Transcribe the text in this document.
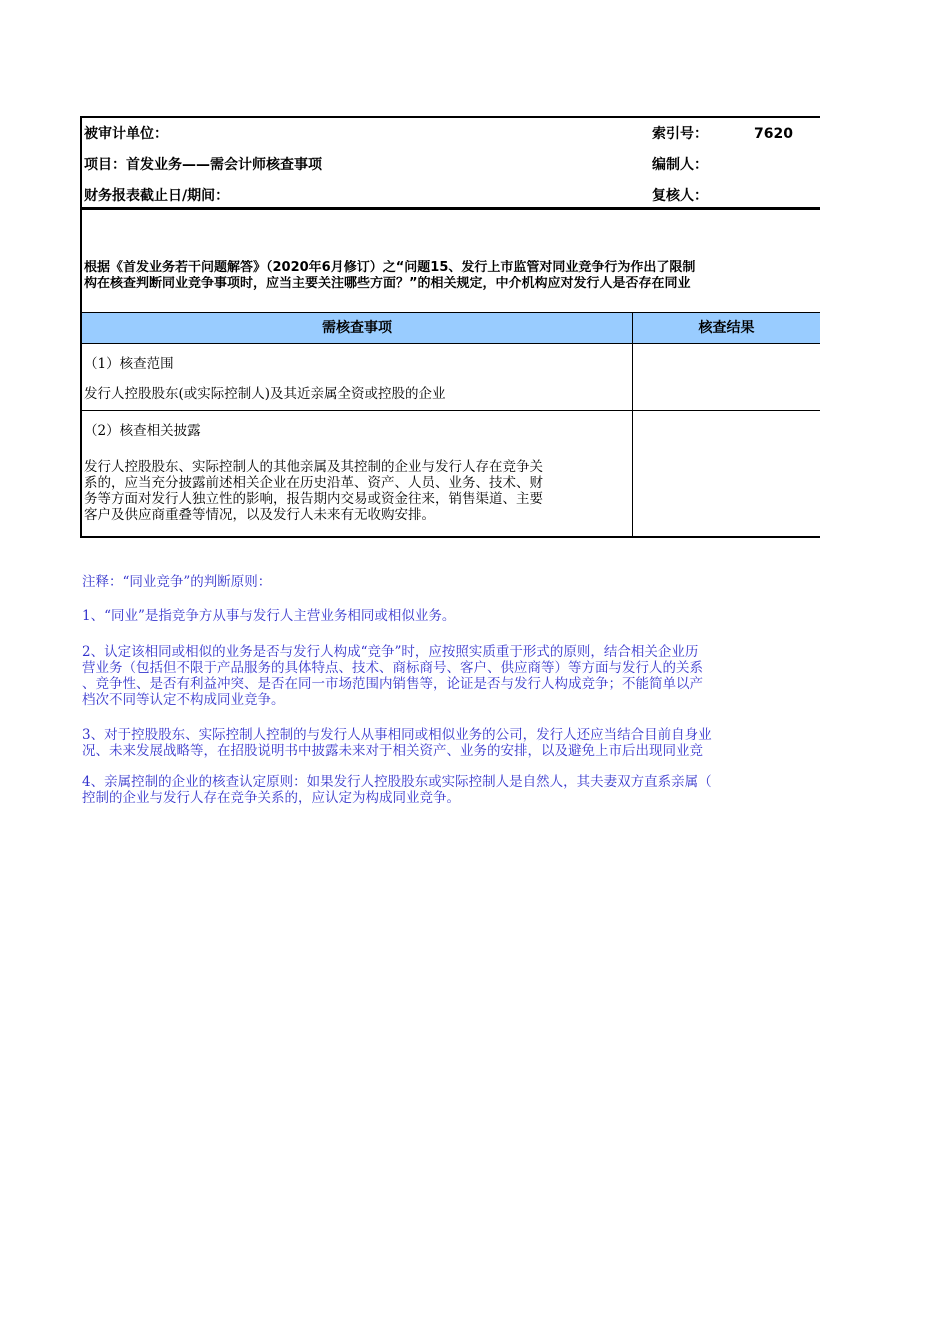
被审计单位：	索引号：	7620
项目：首发业务——需会计师核查事项	编制人：
财务报表截止日/期间：	复核人：
根据《首发业务若干问题解答》（2020年6月修订）之“问题15、发行上市监管对同业竞争行为作出了限制
构在核查判断同业竞争事项时，应当主要关注哪些方面？”的相关规定，中介机构应对发行人是否存在同业
需核查事项	核查结果
（1）核查范围
发行人控股股东(或实际控制人)及其近亲属全资或控股的企业
（2）核查相关披露
发行人控股股东、实际控制人的其他亲属及其控制的企业与发行人存在竞争关
系的，应当充分披露前述相关企业在历史沿革、资产、人员、业务、技术、财
务等方面对发行人独立性的影响，报告期内交易或资金往来，销售渠道、主要
客户及供应商重叠等情况，以及发行人未来有无收购安排。
注释：“同业竞争”的判断原则：
1、“同业”是指竞争方从事与发行人主营业务相同或相似业务。
2、认定该相同或相似的业务是否与发行人构成“竞争”时，应按照实质重于形式的原则，结合相关企业历
营业务（包括但不限于产品服务的具体特点、技术、商标商号、客户、供应商等）等方面与发行人的关系
、竞争性、是否有利益冲突、是否在同一市场范围内销售等，论证是否与发行人构成竞争；不能简单以产
档次不同等认定不构成同业竞争。
3、对于控股股东、实际控制人控制的与发行人从事相同或相似业务的公司，发行人还应当结合目前自身业
况、未来发展战略等，在招股说明书中披露未来对于相关资产、业务的安排，以及避免上市后出现同业竞
4、亲属控制的企业的核查认定原则：如果发行人控股股东或实际控制人是自然人，其夫妻双方直系亲属（
控制的企业与发行人存在竞争关系的，应认定为构成同业竞争。
